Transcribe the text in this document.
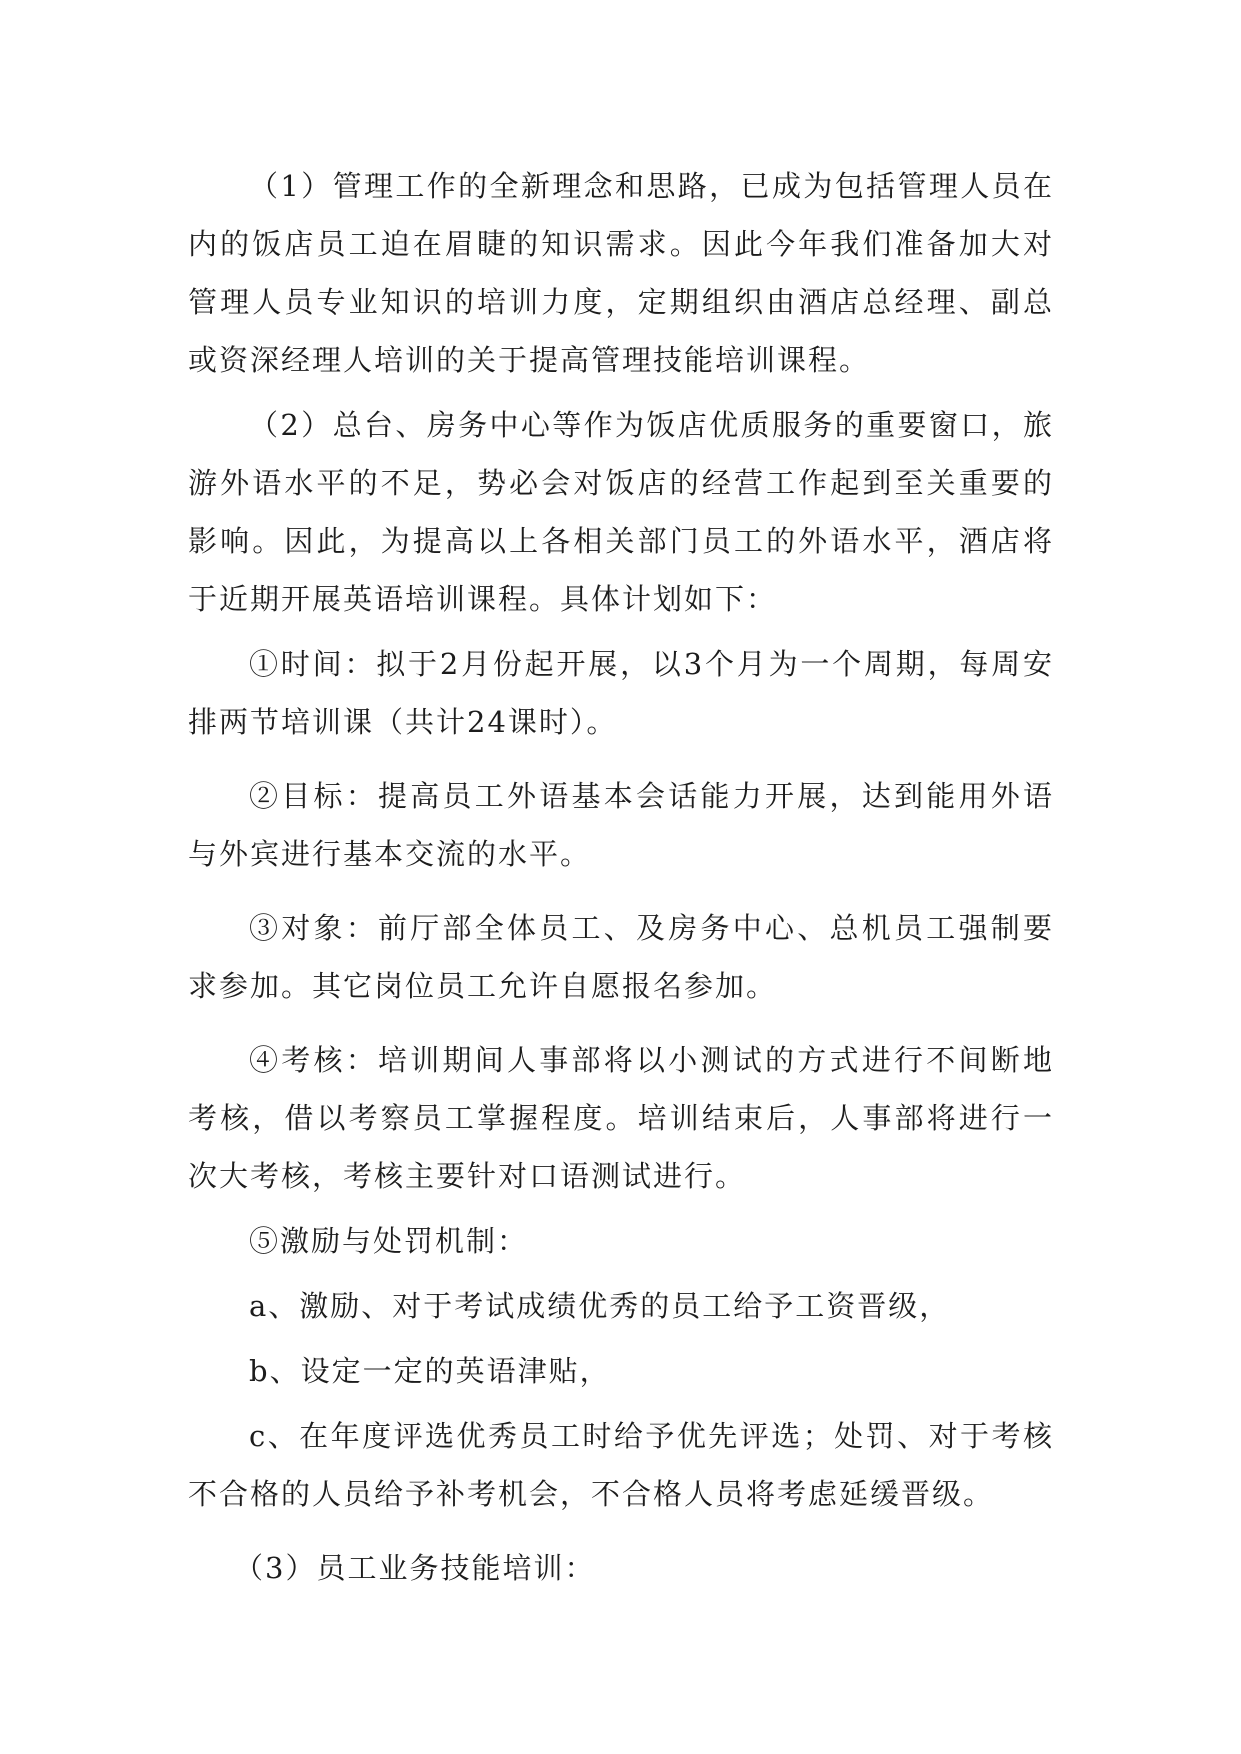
（1）管理工作的全新理念和思路，已成为包括管理人员在内的饭店员工迫在眉睫的知识需求。因此今年我们准备加大对管理人员专业知识的培训力度，定期组织由酒店总经理、副总或资深经理人培训的关于提高管理技能培训课程。

（2）总台、房务中心等作为饭店优质服务的重要窗口，旅游外语水平的不足，势必会对饭店的经营工作起到至关重要的影响。因此，为提高以上各相关部门员工的外语水平，酒店将于近期开展英语培训课程。具体计划如下：

①时间：拟于2月份起开展，以3个月为一个周期，每周安排两节培训课（共计24课时）。

②目标：提高员工外语基本会话能力开展，达到能用外语与外宾进行基本交流的水平。

③对象：前厅部全体员工、及房务中心、总机员工强制要求参加。其它岗位员工允许自愿报名参加。

④考核：培训期间人事部将以小测试的方式进行不间断地考核，借以考察员工掌握程度。培训结束后，人事部将进行一次大考核，考核主要针对口语测试进行。

⑤激励与处罚机制：

a、激励、对于考试成绩优秀的员工给予工资晋级，

b、设定一定的英语津贴，

c、在年度评选优秀员工时给予优先评选；处罚、对于考核不合格的人员给予补考机会，不合格人员将考虑延缓晋级。

（3）员工业务技能培训：
